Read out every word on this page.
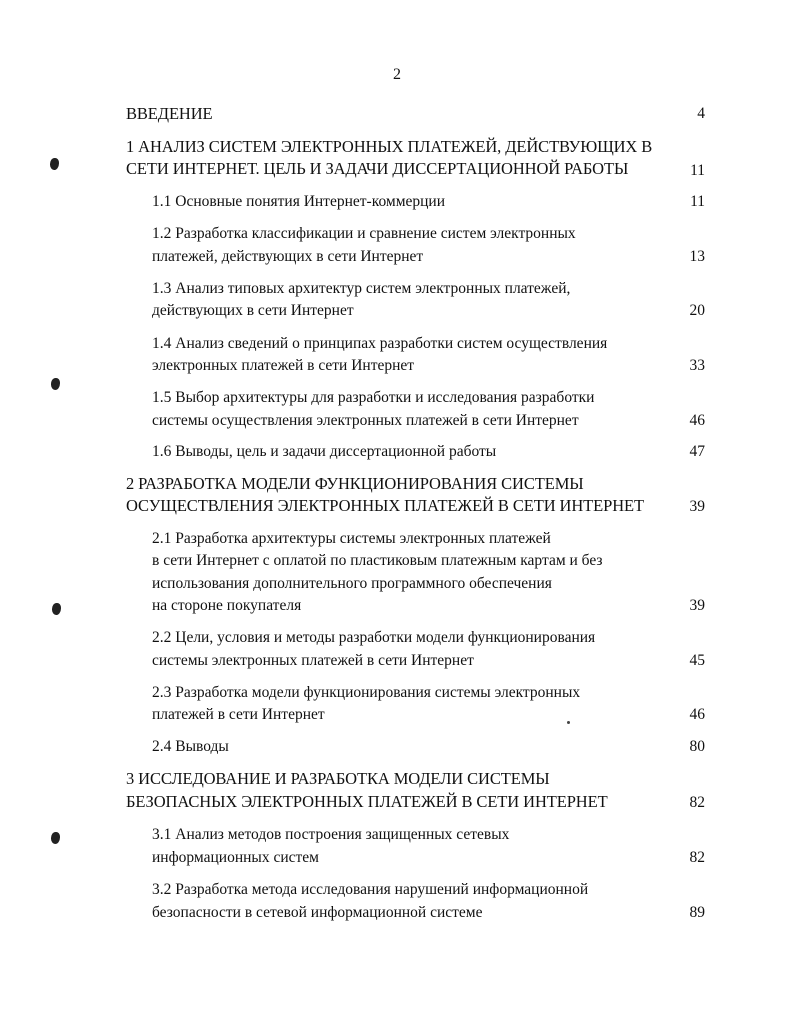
2
ВВЕДЕНИЕ	4
1 АНАЛИЗ СИСТЕМ ЭЛЕКТРОННЫХ ПЛАТЕЖЕЙ, ДЕЙСТВУЮЩИХ В
СЕТИ ИНТЕРНЕТ. ЦЕЛЬ И ЗАДАЧИ ДИССЕРТАЦИОННОЙ РАБОТЫ	11
1.1 Основные понятия Интернет-коммерции	11
1.2 Разработка классификации и сравнение систем электронных
платежей, действующих в сети Интернет	13
1.3 Анализ типовых архитектур систем электронных платежей,
действующих в сети Интернет	20
1.4 Анализ сведений о принципах разработки систем осуществления
электронных платежей в сети Интернет	33
1.5 Выбор архитектуры для разработки и исследования разработки
системы осуществления электронных платежей в сети Интернет	46
1.6 Выводы, цель и задачи диссертационной работы	47
2 РАЗРАБОТКА МОДЕЛИ ФУНКЦИОНИРОВАНИЯ СИСТЕМЫ
ОСУЩЕСТВЛЕНИЯ ЭЛЕКТРОННЫХ ПЛАТЕЖЕЙ В СЕТИ ИНТЕРНЕТ	39
2.1 Разработка архитектуры системы электронных платежей
в сети Интернет с оплатой по пластиковым платежным картам и без
использования дополнительного программного обеспечения
на стороне покупателя	39
2.2 Цели, условия и методы разработки модели функционирования
системы электронных платежей в сети Интернет	45
2.3 Разработка модели функционирования системы электронных
платежей в сети Интернет	46
2.4 Выводы	80
3 ИССЛЕДОВАНИЕ И РАЗРАБОТКА МОДЕЛИ СИСТЕМЫ
БЕЗОПАСНЫХ ЭЛЕКТРОННЫХ ПЛАТЕЖЕЙ В СЕТИ ИНТЕРНЕТ	82
3.1 Анализ методов построения защищенных сетевых
информационных систем	82
3.2 Разработка метода исследования нарушений информационной
безопасности в сетевой информационной системе	89
